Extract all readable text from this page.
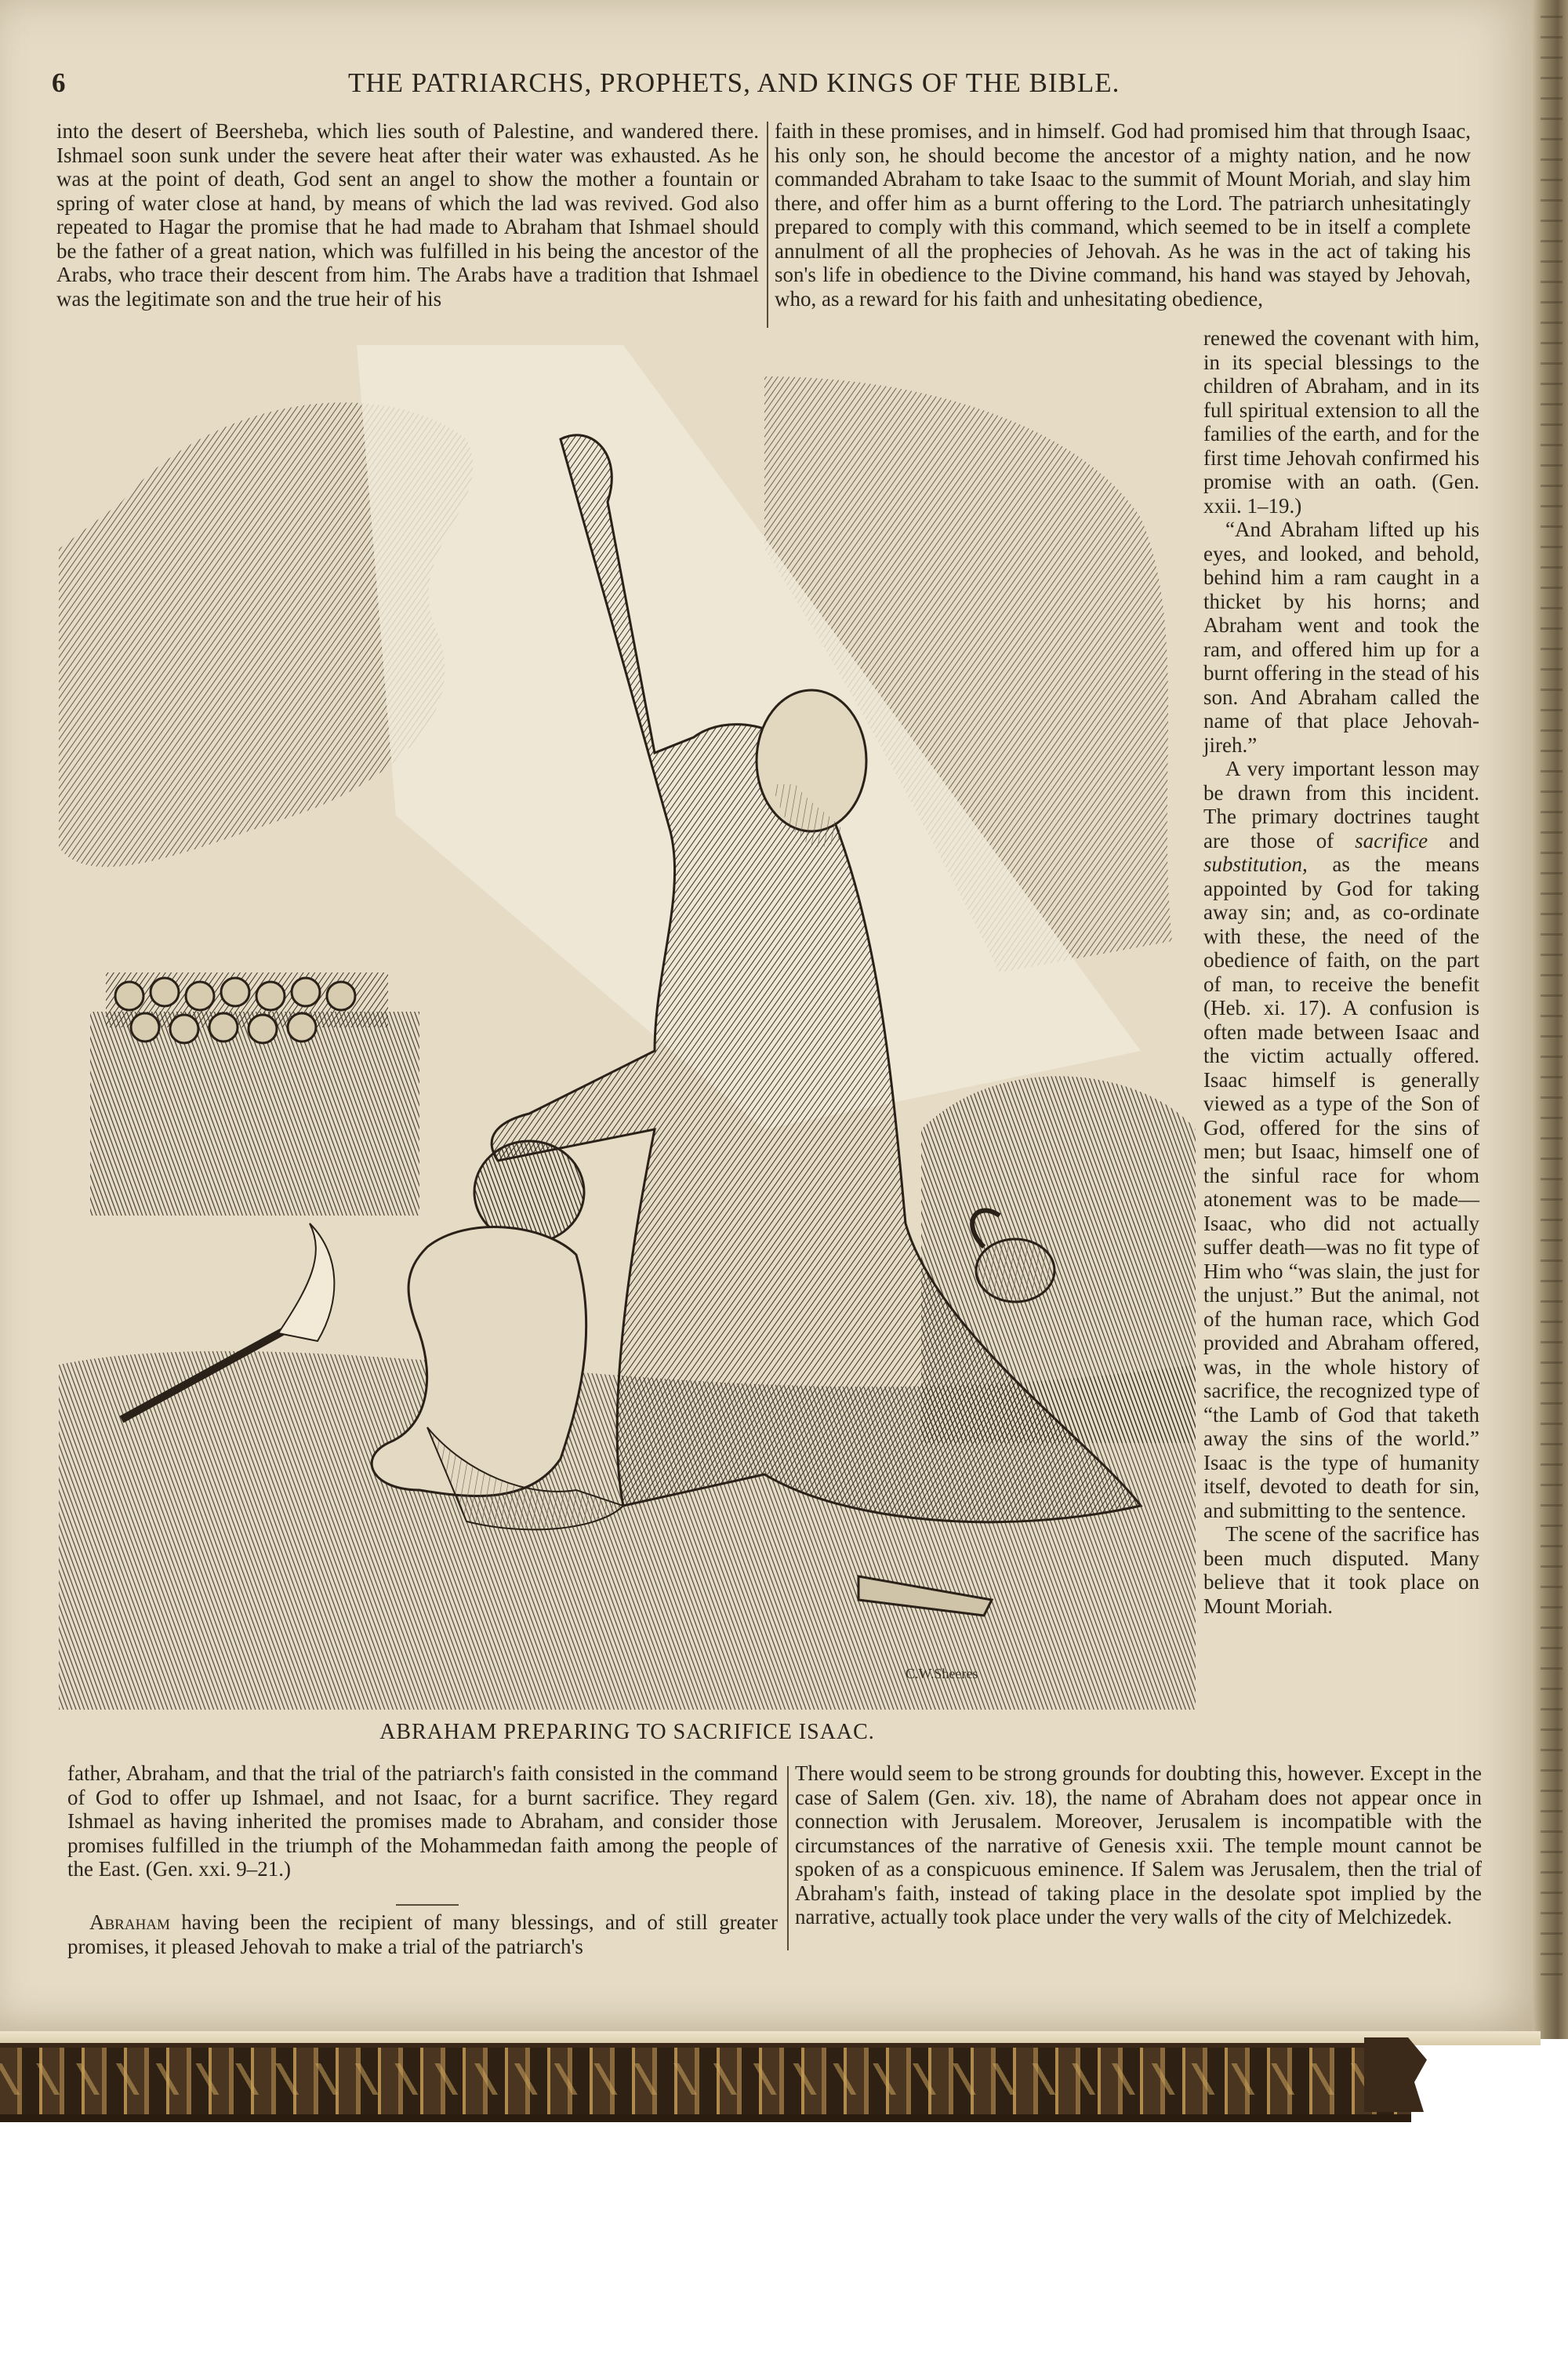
6	THE PATRIARCHS, PROPHETS, AND KINGS OF THE BIBLE.
into the desert of Beersheba, which lies south of Palestine, and wandered there. Ishmael soon sunk under the severe heat after their water was exhausted. As he was at the point of death, God sent an angel to show the mother a fountain or spring of water close at hand, by means of which the lad was revived. God also repeated to Hagar the promise that he had made to Abraham that Ishmael should be the father of a great nation, which was fulfilled in his being the ancestor of the Arabs, who trace their descent from him. The Arabs have a tradition that Ishmael was the legitimate son and the true heir of his
faith in these promises, and in himself. God had promised him that through Isaac, his only son, he should become the ancestor of a mighty nation, and he now commanded Abraham to take Isaac to the summit of Mount Moriah, and slay him there, and offer him as a burnt offering to the Lord. The patriarch unhesitatingly prepared to comply with this command, which seemed to be in itself a complete annulment of all the prophecies of Jehovah. As he was in the act of taking his son's life in obedience to the Divine command, his hand was stayed by Jehovah, who, as a reward for his faith and unhesitating obedience,
renewed the covenant with him, in its special blessings to the children of Abraham, and in its full spiritual extension to all the families of the earth, and for the first time Jehovah confirmed his promise with an oath. (Gen. xxii. 1–19.)
“And Abraham lifted up his eyes, and looked, and behold, behind him a ram caught in a thicket by his horns; and Abraham went and took the ram, and offered him up for a burnt offering in the stead of his son. And Abraham called the name of that place Jehovah-jireh.”
A very important lesson may be drawn from this incident. The primary doctrines taught are those of sacrifice and substitution, as the means appointed by God for taking away sin; and, as co-ordinate with these, the need of the obedience of faith, on the part of man, to receive the benefit (Heb. xi. 17). A confusion is often made between Isaac and the victim actually offered. Isaac himself is generally viewed as a type of the Son of God, offered for the sins of men; but Isaac, himself one of the sinful race for whom atonement was to be made—Isaac, who did not actually suffer death—was no fit type of Him who “was slain, the just for the unjust.” But the animal, not of the human race, which God provided and Abraham offered, was, in the whole history of sacrifice, the recognized type of “the Lamb of God that taketh away the sins of the world.” Isaac is the type of humanity itself, devoted to death for sin, and submitting to the sentence.
The scene of the sacrifice has been much disputed. Many believe that it took place on Mount Moriah.
C.W.Sheeres
ABRAHAM PREPARING TO SACRIFICE ISAAC.
father, Abraham, and that the trial of the patriarch's faith consisted in the command of God to offer up Ishmael, and not Isaac, for a burnt sacrifice. They regard Ishmael as having inherited the promises made to Abraham, and consider those promises fulfilled in the triumph of the Mohammedan faith among the people of the East. (Gen. xxi. 9–21.)
Abraham having been the recipient of many blessings, and of still greater promises, it pleased Jehovah to make a trial of the patriarch's
There would seem to be strong grounds for doubting this, however. Except in the case of Salem (Gen. xiv. 18), the name of Abraham does not appear once in connection with Jerusalem. Moreover, Jerusalem is incompatible with the circumstances of the narrative of Genesis xxii. The temple mount cannot be spoken of as a conspicuous eminence. If Salem was Jerusalem, then the trial of Abraham's faith, instead of taking place in the desolate spot implied by the narrative, actually took place under the very walls of the city of Melchizedek.
